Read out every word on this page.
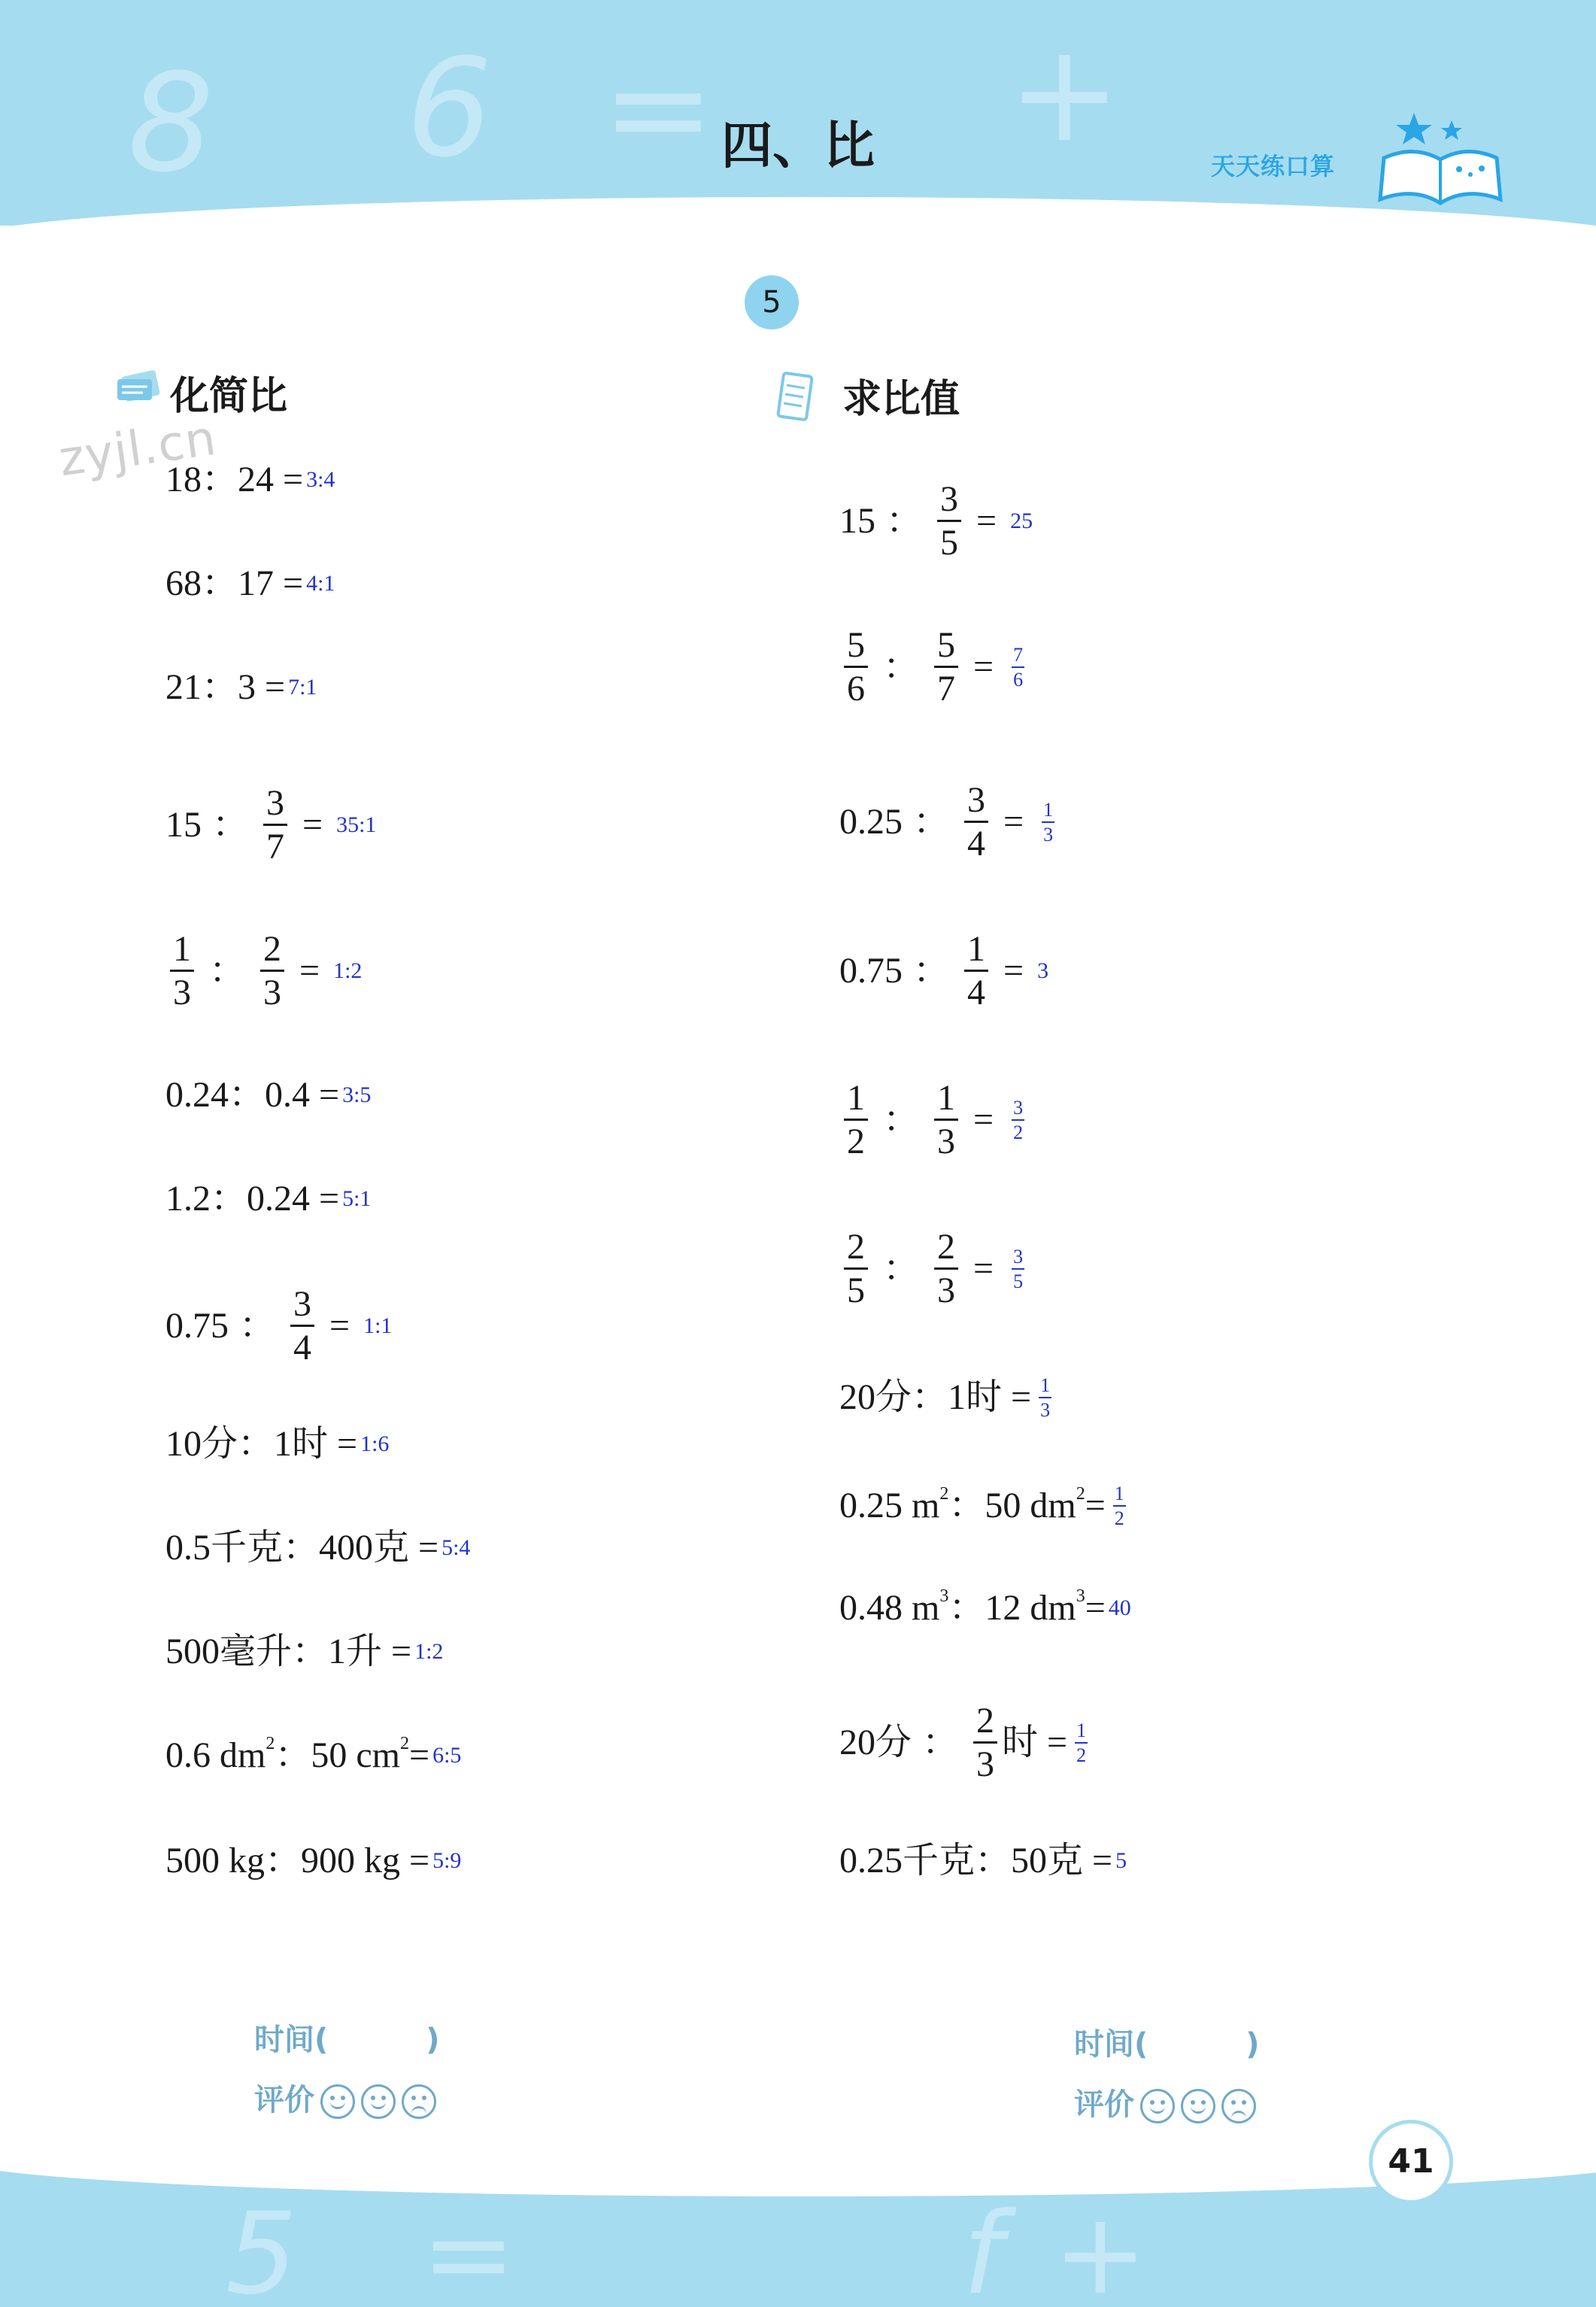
8 6 = +
5 =	f +
四、比	天天练口算
5
化简比
zyjl.cn
求比值
时间(	)
评价
时间(	)
评价
41
18：24 = 3:4
68：17 = 4:1
21：3 = 7:1
15 ： $\frac{3}{7}$ = 35:1
$\frac{1}{3}$ ： $\frac{2}{3}$ = 1:2
0.24：0.4 = 3:5
1.2：0.24 = 5:1
0.75 ： $\frac{3}{4}$ = 1:1
10分：1时 = 1:6
0.5千克：400克 = 5:4
500毫升：1升 = 1:2
0.6 $dm^2$：50 $cm^2=$ 6:5
500 kg：900 kg = 5:9
15 ： $\frac{3}{5} = 25$
$\frac{5}{6}$ ： $\frac{5}{7} = \frac{7}{6}$
0.25 ： $\frac{3}{4} = \frac{1}{3}$
0.75 ： $\frac{1}{4} = 3$
$\frac{1}{2}$ ： $\frac{1}{3} = \frac{3}{2}$
$\frac{2}{5}$ ： $\frac{2}{3} = \frac{3}{5}$
20分：1时 = $\frac{1}{3}$
0.25 $m^2$：50 $dm^2= \frac{1}{2}$
0.48 $m^3$：12 $dm^3= 40$
20分 ： $\frac{2}{3}$ 时 = $\frac{1}{2}$
0.25千克：50克 = 5
